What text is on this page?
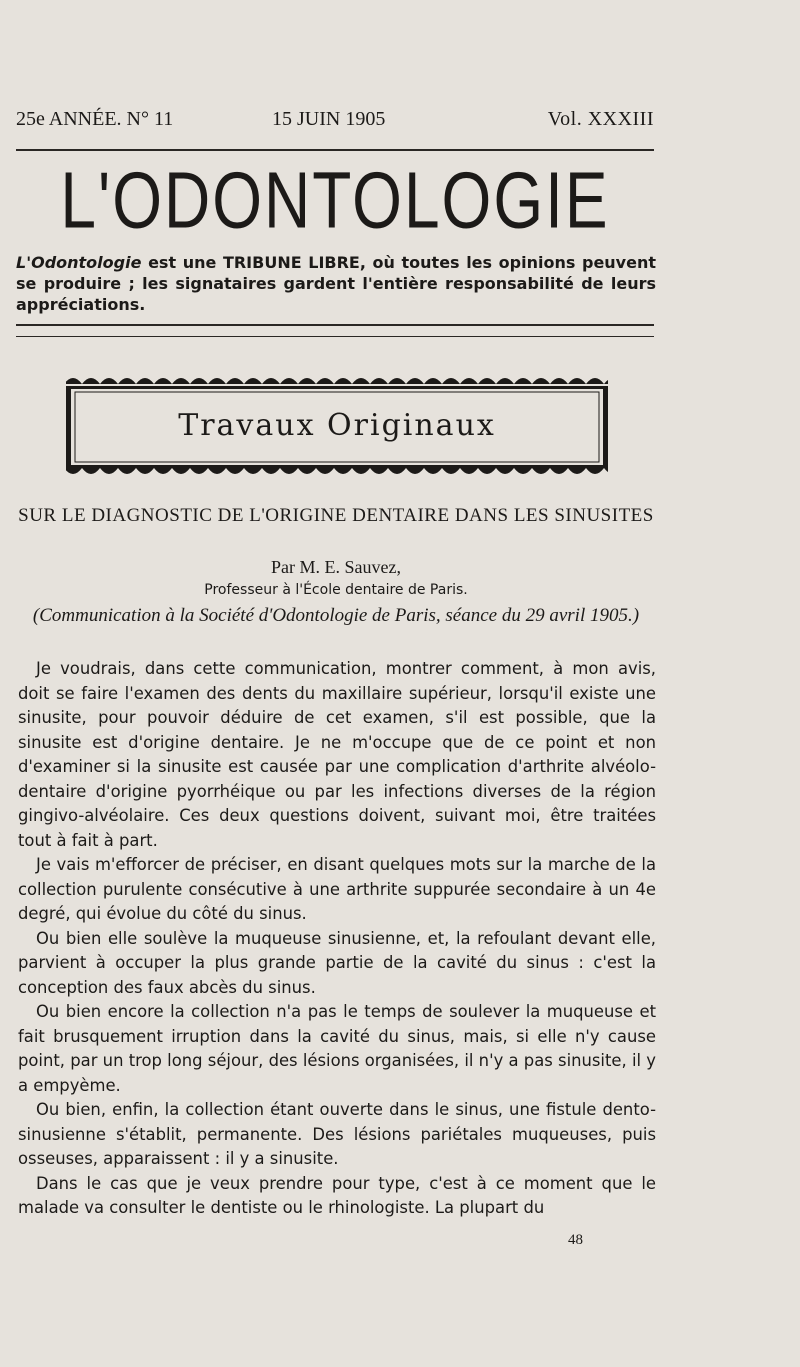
25e ANNÉE. N° 11	15 JUIN 1905	Vol. XXXIII
L'ODONTOLOGIE
L'Odontologie est une TRIBUNE LIBRE, où toutes les opinions peuvent se produire ; les signataires gardent l'entière responsabilité de leurs appréciations.
Travaux Originaux
SUR LE DIAGNOSTIC DE L'ORIGINE DENTAIRE DANS LES SINUSITES
Par M. E. Sauvez,
Professeur à l'École dentaire de Paris.
(Communication à la Société d'Odontologie de Paris, séance du 29 avril 1905.)

Je voudrais, dans cette communication, montrer comment, à mon avis, doit se faire l'examen des dents du maxillaire supérieur, lorsqu'il existe une sinusite, pour pouvoir déduire de cet examen, s'il est possible, que la sinusite est d'origine dentaire. Je ne m'occupe que de ce point et non d'examiner si la sinusite est causée par une complication d'arthrite alvéolo-dentaire d'origine pyorrhéique ou par les infections diverses de la région gingivo-alvéolaire. Ces deux questions doivent, suivant moi, être traitées tout à fait à part.

Je vais m'efforcer de préciser, en disant quelques mots sur la marche de la collection purulente consécutive à une arthrite suppurée secondaire à un 4e degré, qui évolue du côté du sinus.

Ou bien elle soulève la muqueuse sinusienne, et, la refoulant devant elle, parvient à occuper la plus grande partie de la cavité du sinus : c'est la conception des faux abcès du sinus.

Ou bien encore la collection n'a pas le temps de soulever la muqueuse et fait brusquement irruption dans la cavité du sinus, mais, si elle n'y cause point, par un trop long séjour, des lésions organisées, il n'y a pas sinusite, il y a empyème.

Ou bien, enfin, la collection étant ouverte dans le sinus, une fistule dento-sinusienne s'établit, permanente. Des lésions pariétales muqueuses, puis osseuses, apparaissent : il y a sinusite.

Dans le cas que je veux prendre pour type, c'est à ce moment que le malade va consulter le dentiste ou le rhinologiste. La plupart du

48
